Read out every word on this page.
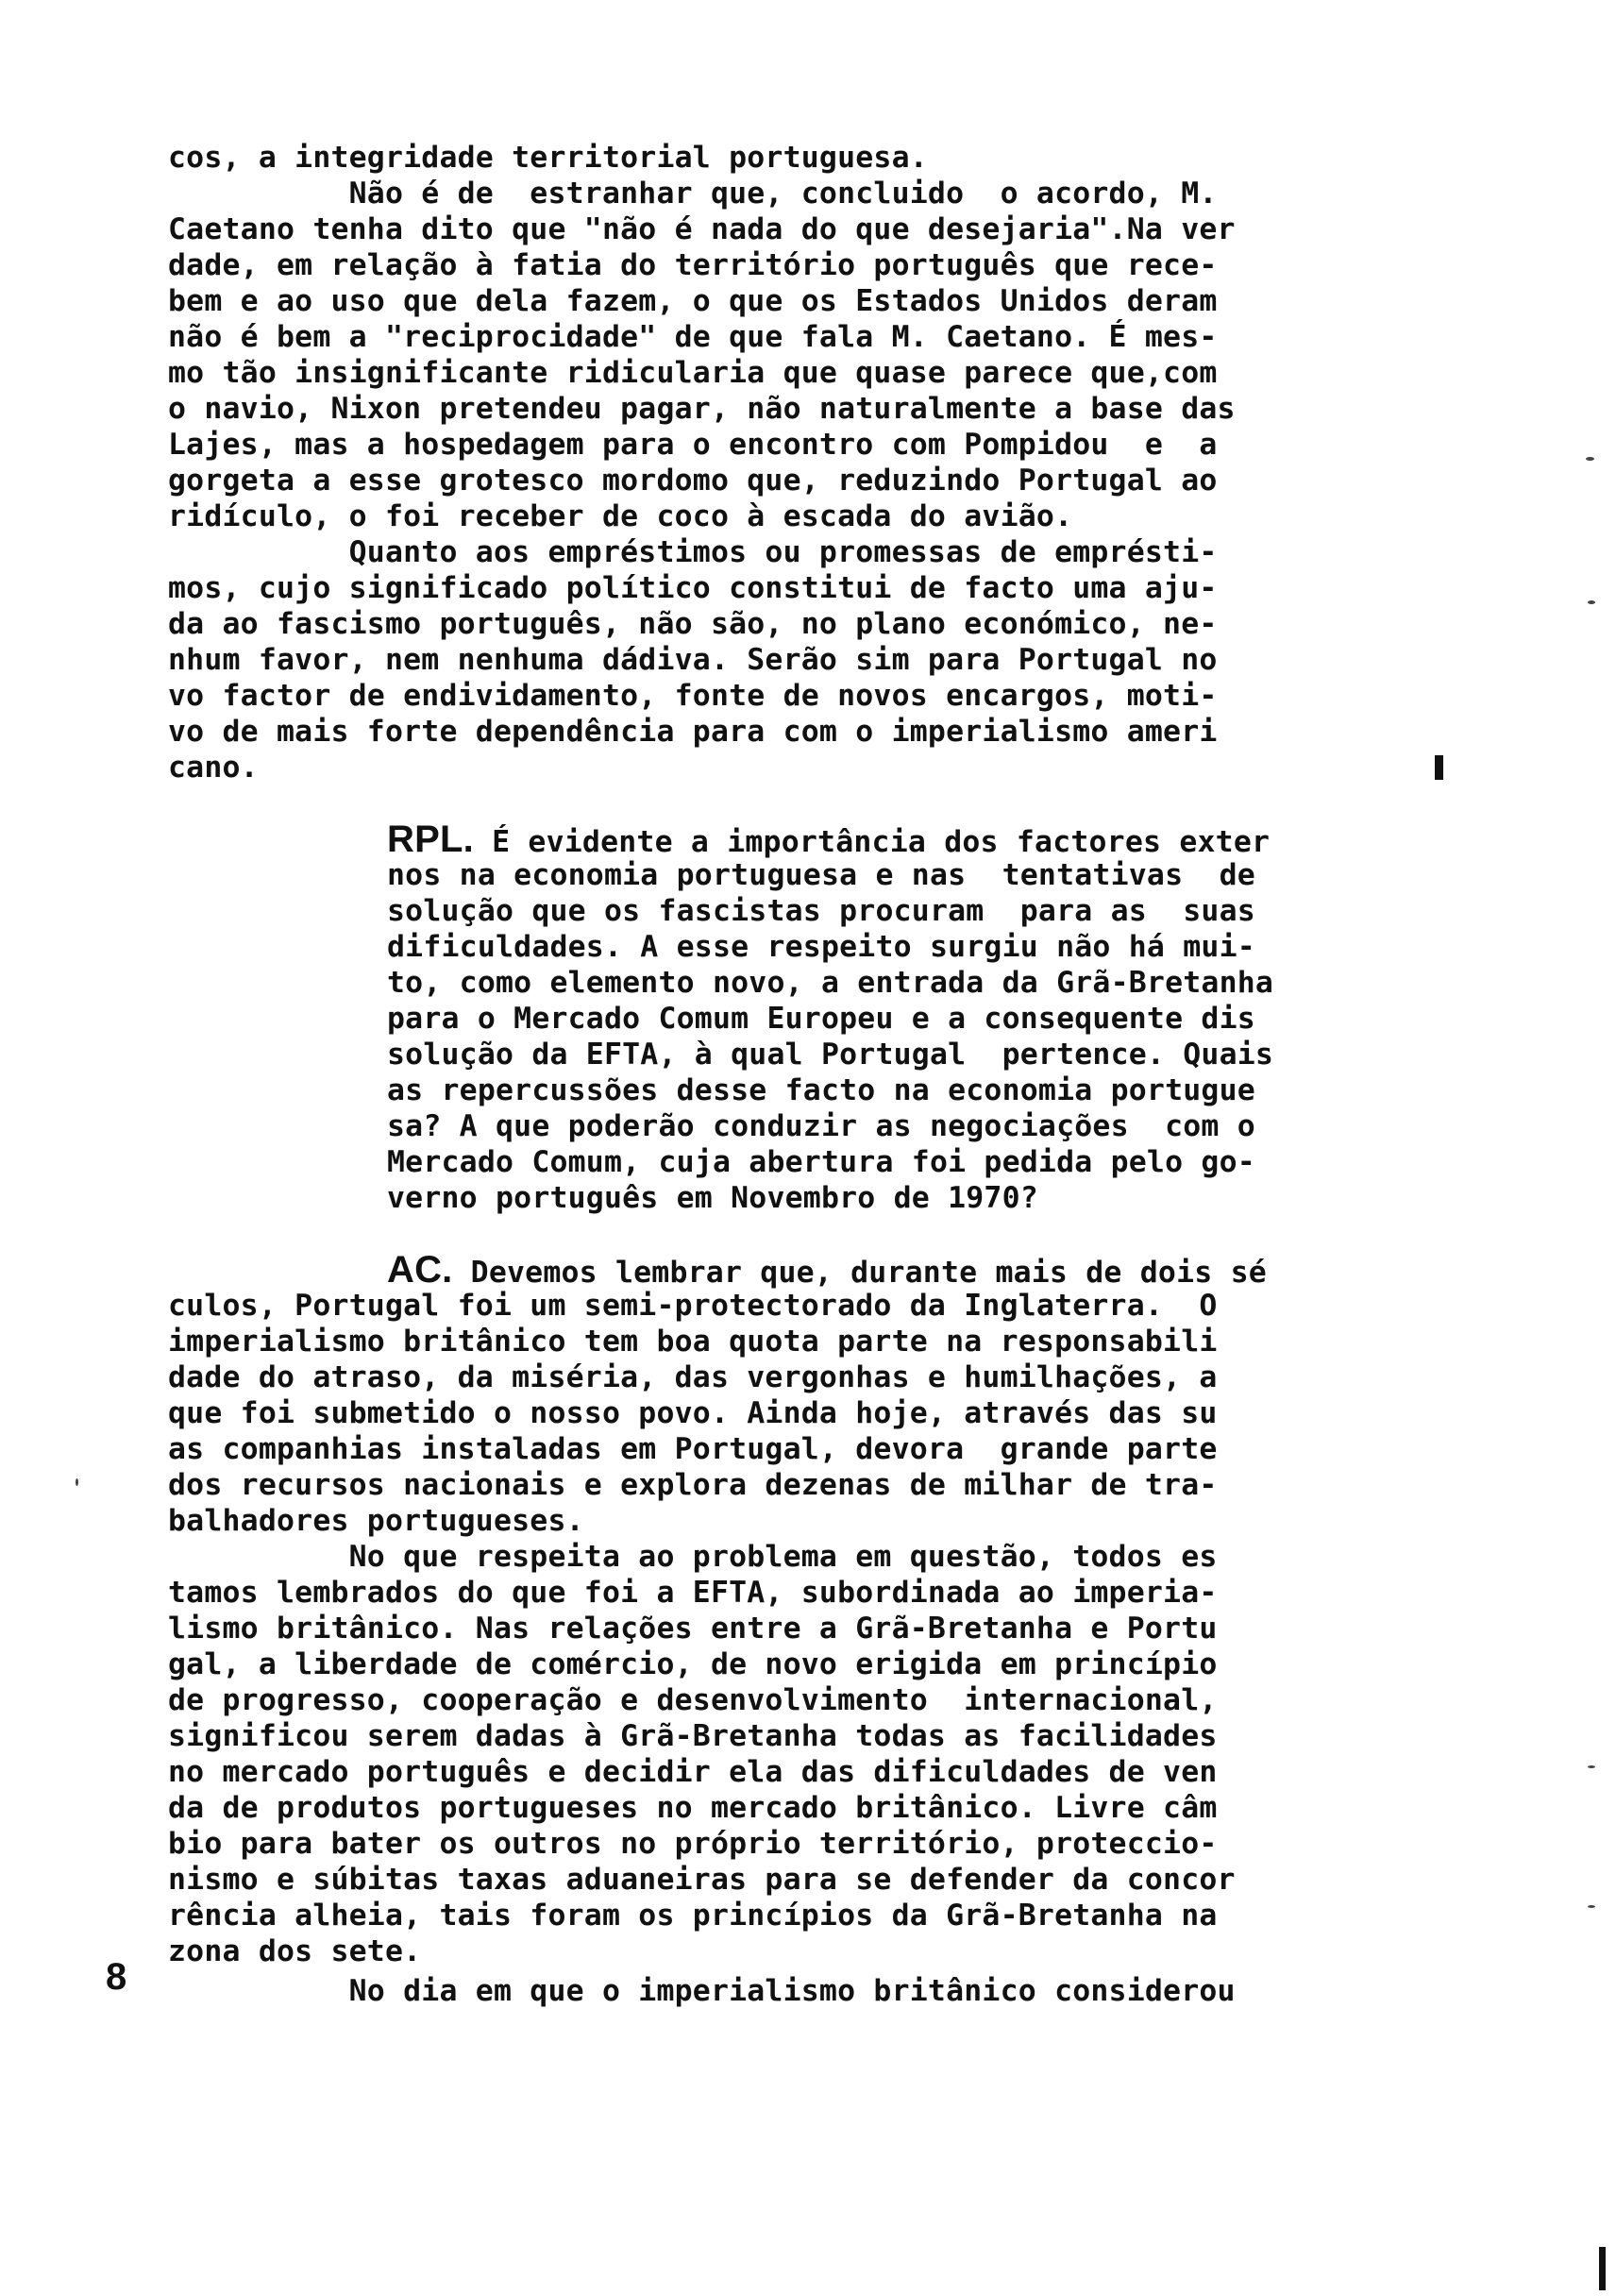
cos, a integridade territorial portuguesa.
Não é de  estranhar que, concluido  o acordo, M.
Caetano tenha dito que "não é nada do que desejaria".Na ver
dade, em relação à fatia do território português que rece-
bem e ao uso que dela fazem, o que os Estados Unidos deram
não é bem a "reciprocidade" de que fala M. Caetano. É mes-
mo tão insignificante ridicularia que quase parece que,com
o navio, Nixon pretendeu pagar, não naturalmente a base das
Lajes, mas a hospedagem para o encontro com Pompidou  e  a
gorgeta a esse grotesco mordomo que, reduzindo Portugal ao
ridículo, o foi receber de coco à escada do avião.
Quanto aos empréstimos ou promessas de emprésti-
mos, cujo significado político constitui de facto uma aju-
da ao fascismo português, não são, no plano económico, ne-
nhum favor, nem nenhuma dádiva. Serão sim para Portugal no
vo factor de endividamento, fonte de novos encargos, moti-
vo de mais forte dependência para com o imperialismo ameri
cano.
RPL. É evidente a importância dos factores exter
nos na economia portuguesa e nas  tentativas  de
solução que os fascistas procuram  para as  suas
dificuldades. A esse respeito surgiu não há mui-
to, como elemento novo, a entrada da Grã-Bretanha
para o Mercado Comum Europeu e a consequente dis
solução da EFTA, à qual Portugal  pertence. Quais
as repercussões desse facto na economia portugue
sa? A que poderão conduzir as negociações  com o
Mercado Comum, cuja abertura foi pedida pelo go-
verno português em Novembro de 1970?
AC. Devemos lembrar que, durante mais de dois sé
culos, Portugal foi um semi-protectorado da Inglaterra.  O
imperialismo britânico tem boa quota parte na responsabili
dade do atraso, da miséria, das vergonhas e humilhações, a
que foi submetido o nosso povo. Ainda hoje, através das su
as companhias instaladas em Portugal, devora  grande parte
dos recursos nacionais e explora dezenas de milhar de tra-
balhadores portugueses.
No que respeita ao problema em questão, todos es
tamos lembrados do que foi a EFTA, subordinada ao imperia-
lismo britânico. Nas relações entre a Grã-Bretanha e Portu
gal, a liberdade de comércio, de novo erigida em princípio
de progresso, cooperação e desenvolvimento  internacional,
significou serem dadas à Grã-Bretanha todas as facilidades
no mercado português e decidir ela das dificuldades de ven
da de produtos portugueses no mercado britânico. Livre câm
bio para bater os outros no próprio território, proteccio-
nismo e súbitas taxas aduaneiras para se defender da concor
rência alheia, tais foram os princípios da Grã-Bretanha na
zona dos sete.
No dia em que o imperialismo britânico considerou
8
